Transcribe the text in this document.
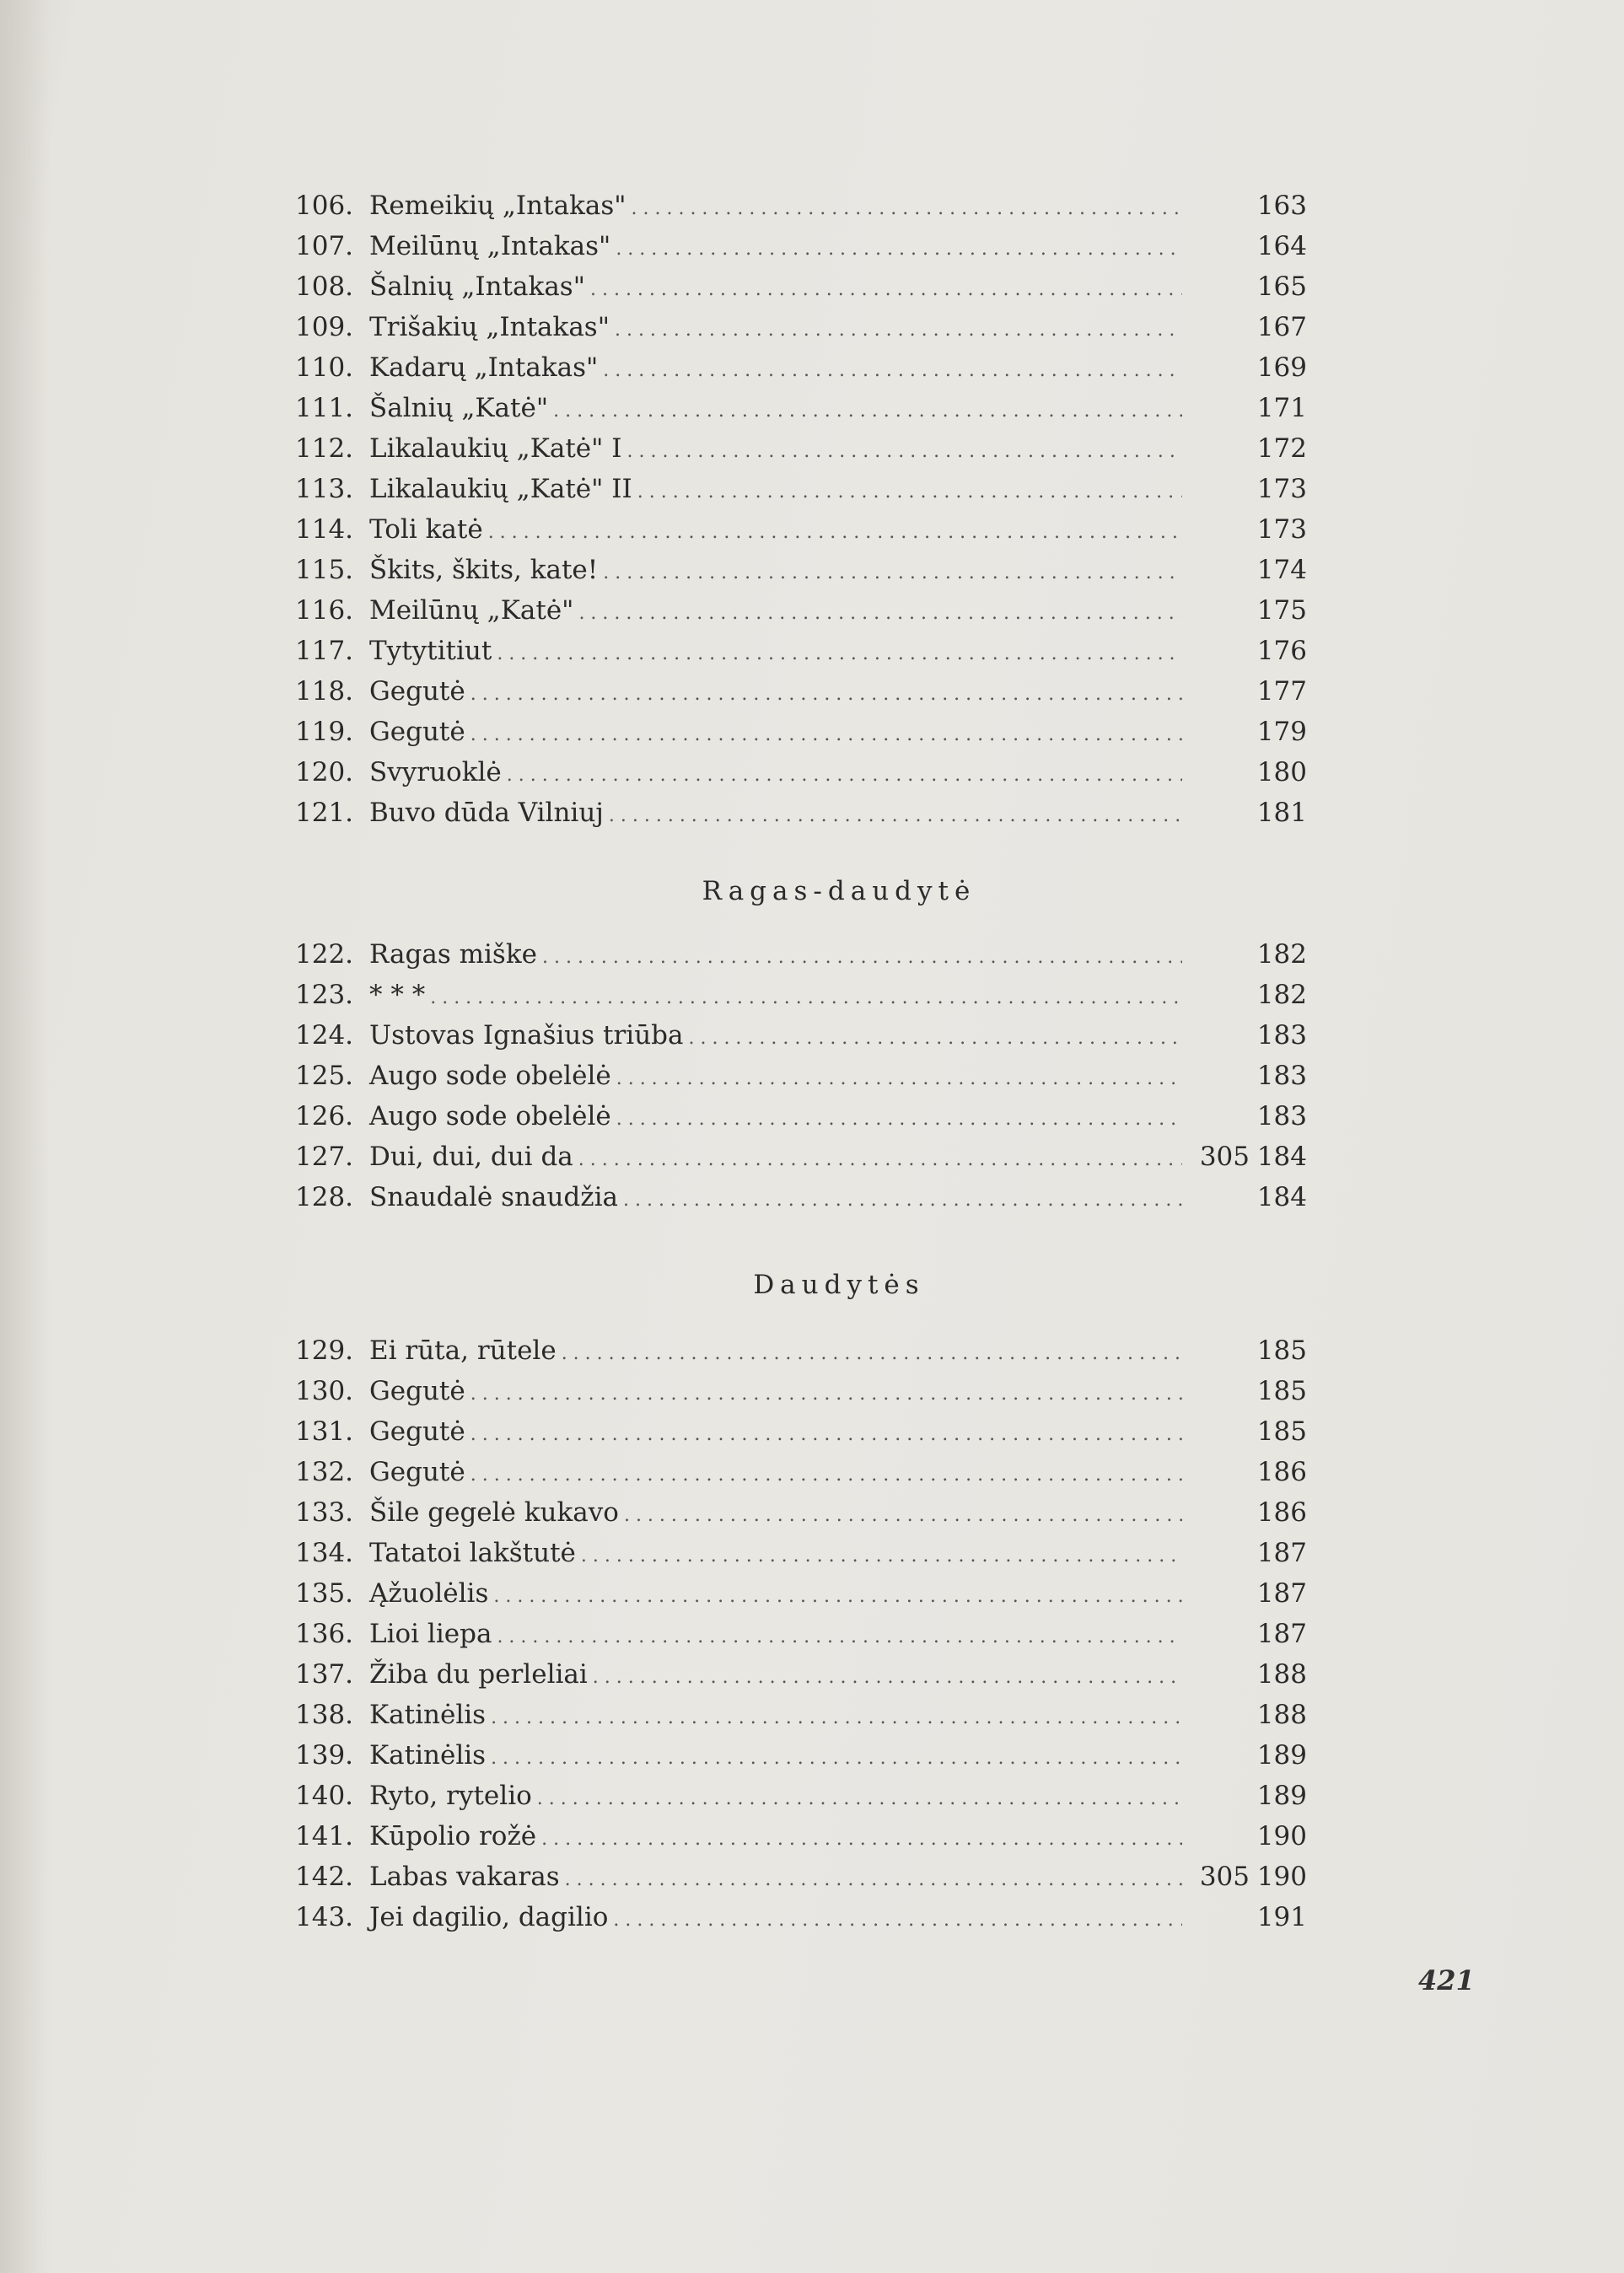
106. Remeikių „Intakas" . . .	163
107. Meilūnų „Intakas" . . .	164
108. Šalnių „Intakas" . . .	165
109. Trišakių „Intakas" . . .	167
110. Kadarų „Intakas" . . .	169
111. Šalnių „Katė" . . .	171
112. Likalaukių „Katė" I . . .	172
113. Likalaukių „Katė" II . . .	173
114. Toli katė . . .	173
115. Škits, škits, kate! . . .	174
116. Meilūnų „Katė" . . .	175
117. Tytytitiut . . .	176
118. Gegutė . . .	177
119. Gegutė . . .	179
120. Svyruoklė . . .	180
121. Buvo dūda Vilniuj . . .	181
Ragas-daudytė
122. Ragas miške . . .	182
123. * * * . . .	182
124. Ustovas Ignašius triūba . . .	183
125. Augo sode obelėlė . . .	183
126. Augo sode obelėlė . . .	183
127. Dui, dui, dui da . . .	305 184
128. Snaudalė snaudžia . . .	184
Daudytės
129. Ei rūta, rūtele . . .	185
130. Gegutė . . .	185
131. Gegutė . . .	185
132. Gegutė . . .	186
133. Šile gegelė kukavo . . .	186
134. Tatatoi lakštutė . . .	187
135. Ąžuolėlis . . .	187
136. Lioi liepa . . .	187
137. Žiba du perleliai . . .	188
138. Katinėlis . . .	188
139. Katinėlis . . .	189
140. Ryto, rytelio . . .	189
141. Kūpolio rožė . . .	190
142. Labas vakaras . . .	305 190
143. Jei dagilio, dagilio . . .	191
421
